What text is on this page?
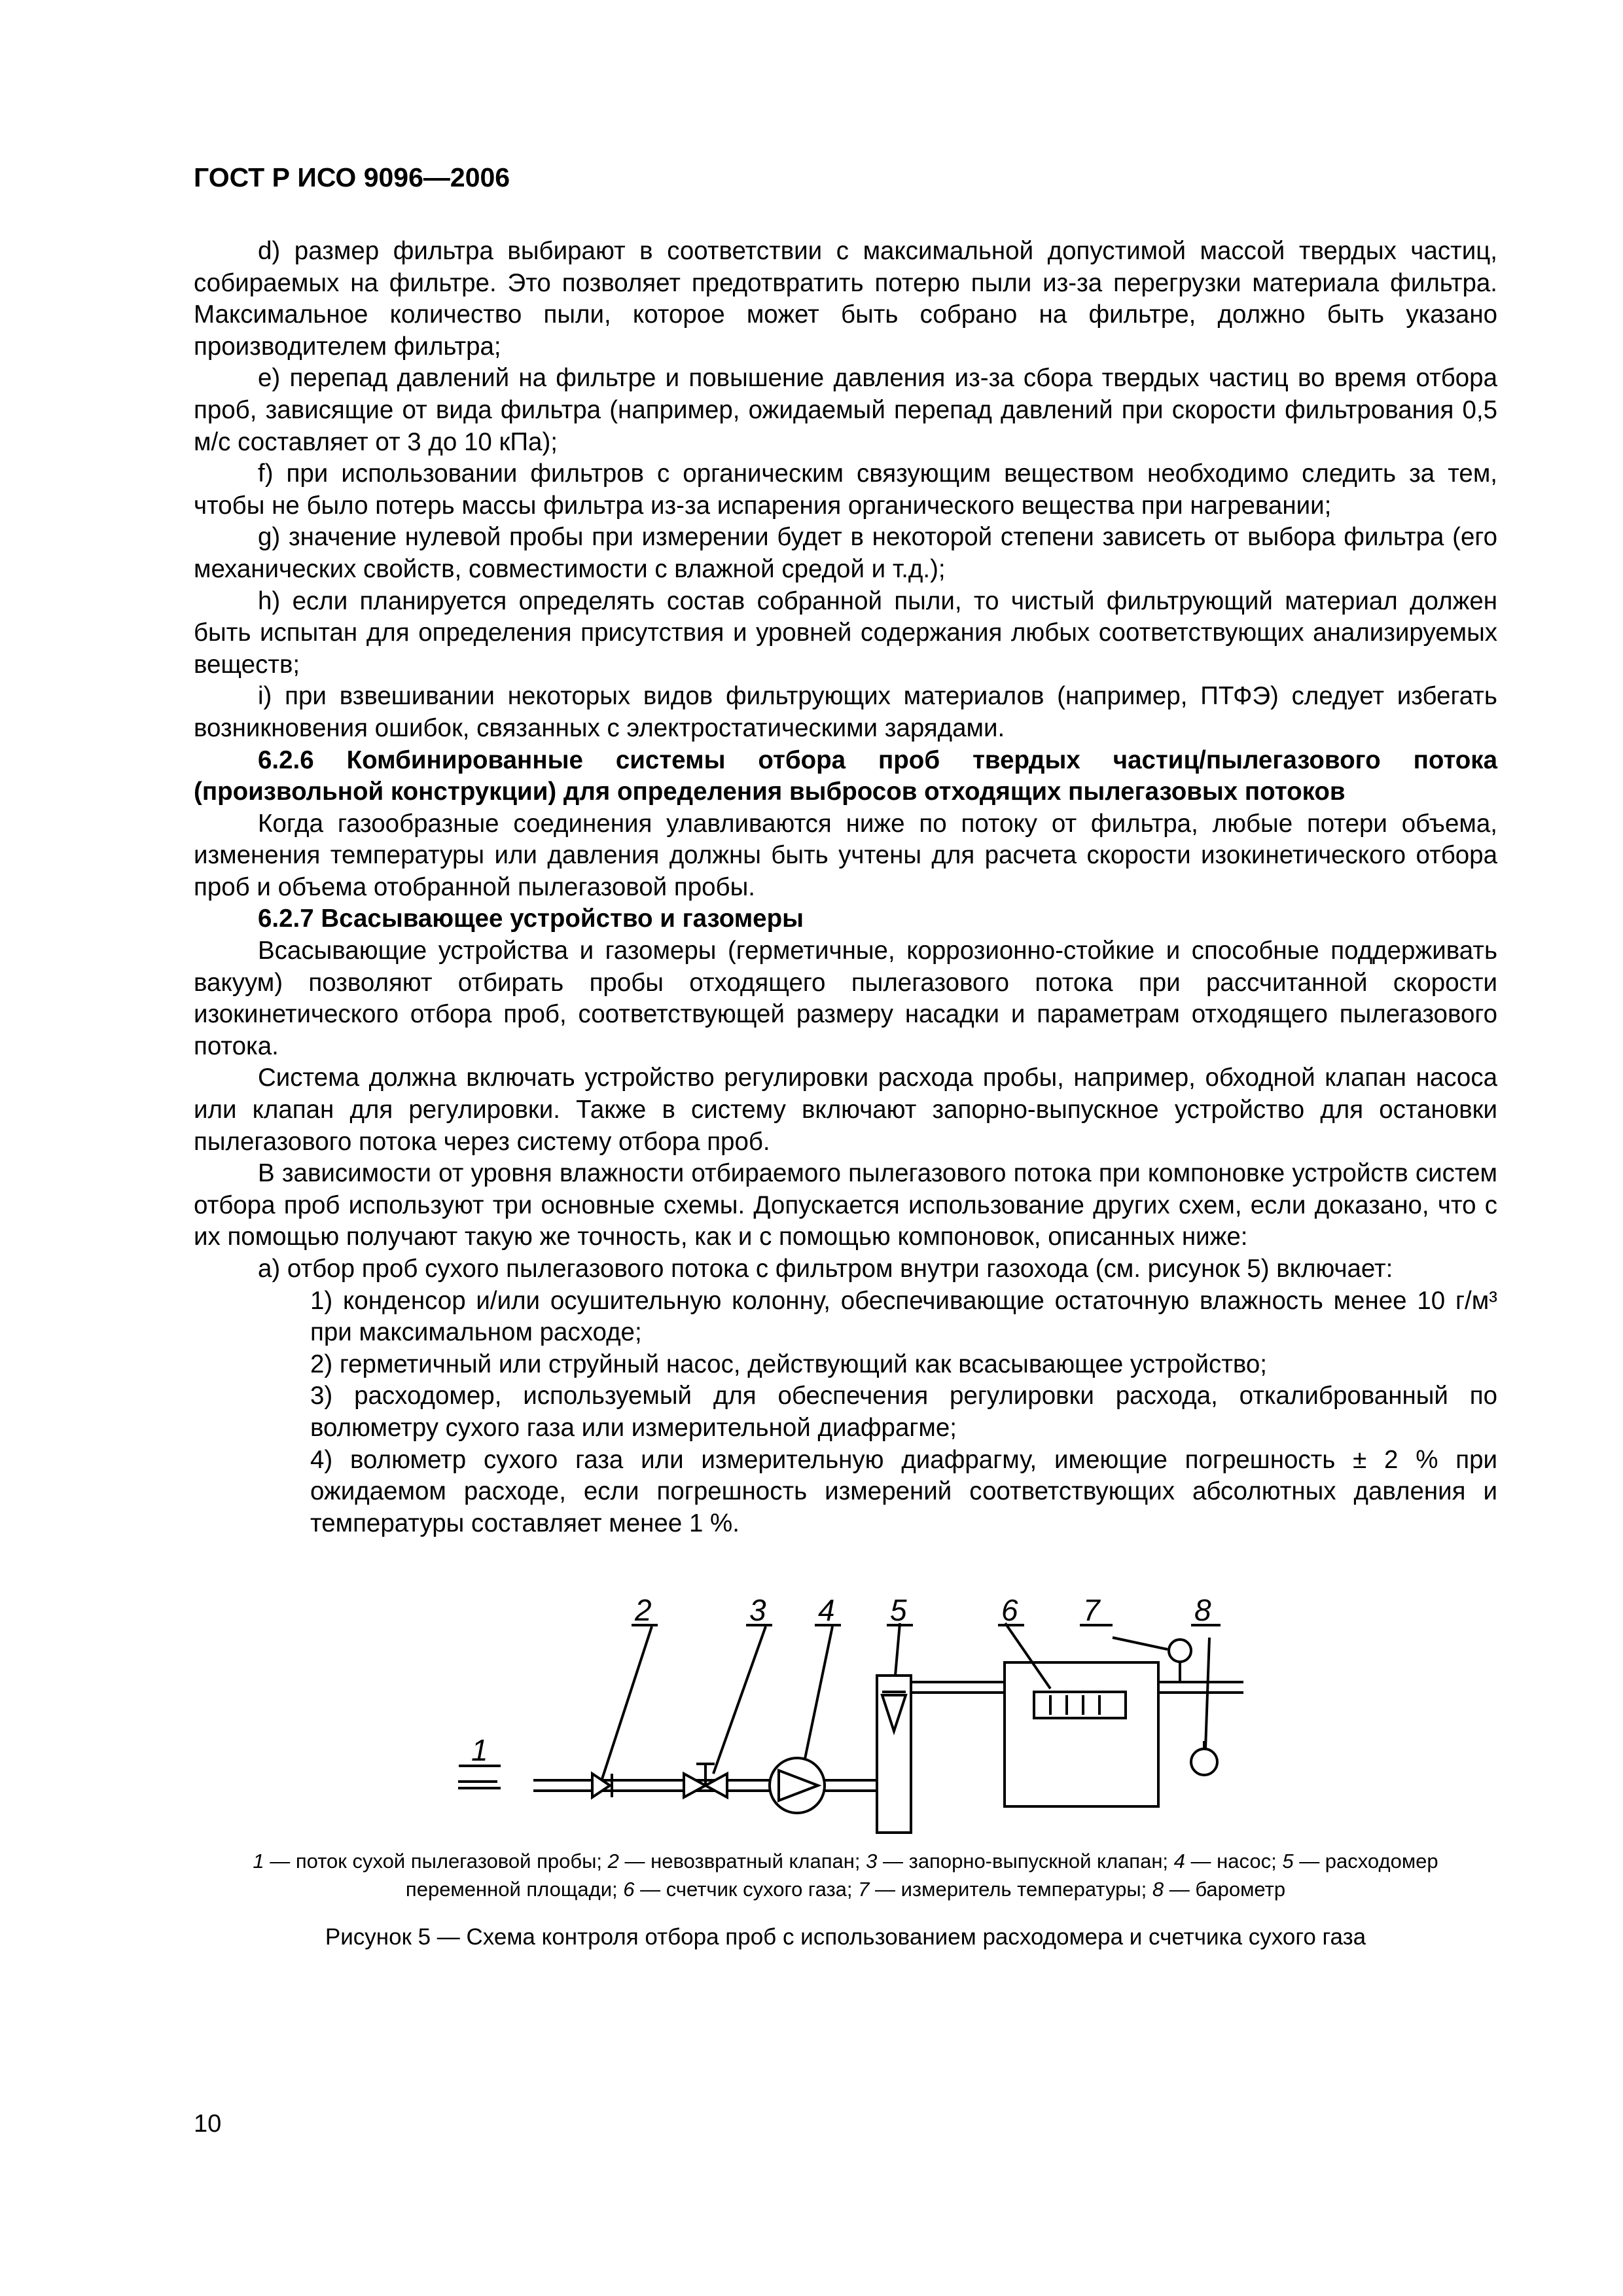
ГОСТ Р ИСО 9096—2006

d) размер фильтра выбирают в соответствии с максимальной допустимой массой твердых частиц, собираемых на фильтре. Это позволяет предотвратить потерю пыли из-за перегрузки материала фильтра. Максимальное количество пыли, которое может быть собрано на фильтре, должно быть указано производителем фильтра;

e) перепад давлений на фильтре и повышение давления из-за сбора твердых частиц во время отбора проб, зависящие от вида фильтра (например, ожидаемый перепад давлений при скорости фильтрования 0,5 м/с составляет от 3 до 10 кПа);

f) при использовании фильтров с органическим связующим веществом необходимо следить за тем, чтобы не было потерь массы фильтра из-за испарения органического вещества при нагревании;

g) значение нулевой пробы при измерении будет в некоторой степени зависеть от выбора фильтра (его механических свойств, совместимости с влажной средой и т.д.);

h) если планируется определять состав собранной пыли, то чистый фильтрующий материал должен быть испытан для определения присутствия и уровней содержания любых соответствующих анализируемых веществ;

i) при взвешивании некоторых видов фильтрующих материалов (например, ПТФЭ) следует избегать возникновения ошибок, связанных с электростатическими зарядами.

6.2.6 Комбинированные системы отбора проб твердых частиц/пылегазового потока (произвольной конструкции) для определения выбросов отходящих пылегазовых потоков

Когда газообразные соединения улавливаются ниже по потоку от фильтра, любые потери объема, изменения температуры или давления должны быть учтены для расчета скорости изокинетического отбора проб и объема отобранной пылегазовой пробы.

6.2.7 Всасывающее устройство и газомеры

Всасывающие устройства и газомеры (герметичные, коррозионно-стойкие и способные поддерживать вакуум) позволяют отбирать пробы отходящего пылегазового потока при рассчитанной скорости изокинетического отбора проб, соответствующей размеру насадки и параметрам отходящего пылегазового потока.

Система должна включать устройство регулировки расхода пробы, например, обходной клапан насоса или клапан для регулировки. Также в систему включают запорно-выпускное устройство для остановки пылегазового потока через систему отбора проб.

В зависимости от уровня влажности отбираемого пылегазового потока при компоновке устройств систем отбора проб используют три основные схемы. Допускается использование других схем, если доказано, что с их помощью получают такую же точность, как и с помощью компоновок, описанных ниже:

а) отбор проб сухого пылегазового потока с фильтром внутри газохода (см. рисунок 5) включает:

1) конденсор и/или осушительную колонну, обеспечивающие остаточную влажность менее 10 г/м³ при максимальном расходе;

2) герметичный или струйный насос, действующий как всасывающее устройство;

3) расходомер, используемый для обеспечения регулировки расхода, откалиброванный по волюметру сухого газа или измерительной диафрагме;

4) волюметр сухого газа или измерительную диафрагму, имеющие погрешность ± 2 % при ожидаемом расходе, если погрешность измерений соответствующих абсолютных давления и температуры составляет менее 1 %.

1
2	3 4 5	6 7	8
1 — поток сухой пылегазовой пробы; 2 — невозвратный клапан; 3 — запорно-выпускной клапан; 4 — насос; 5 — расходомер переменной площади; 6 — счетчик сухого газа; 7 — измеритель температуры; 8 — барометр
Рисунок 5 — Схема контроля отбора проб с использованием расходомера и счетчика сухого газа
10
